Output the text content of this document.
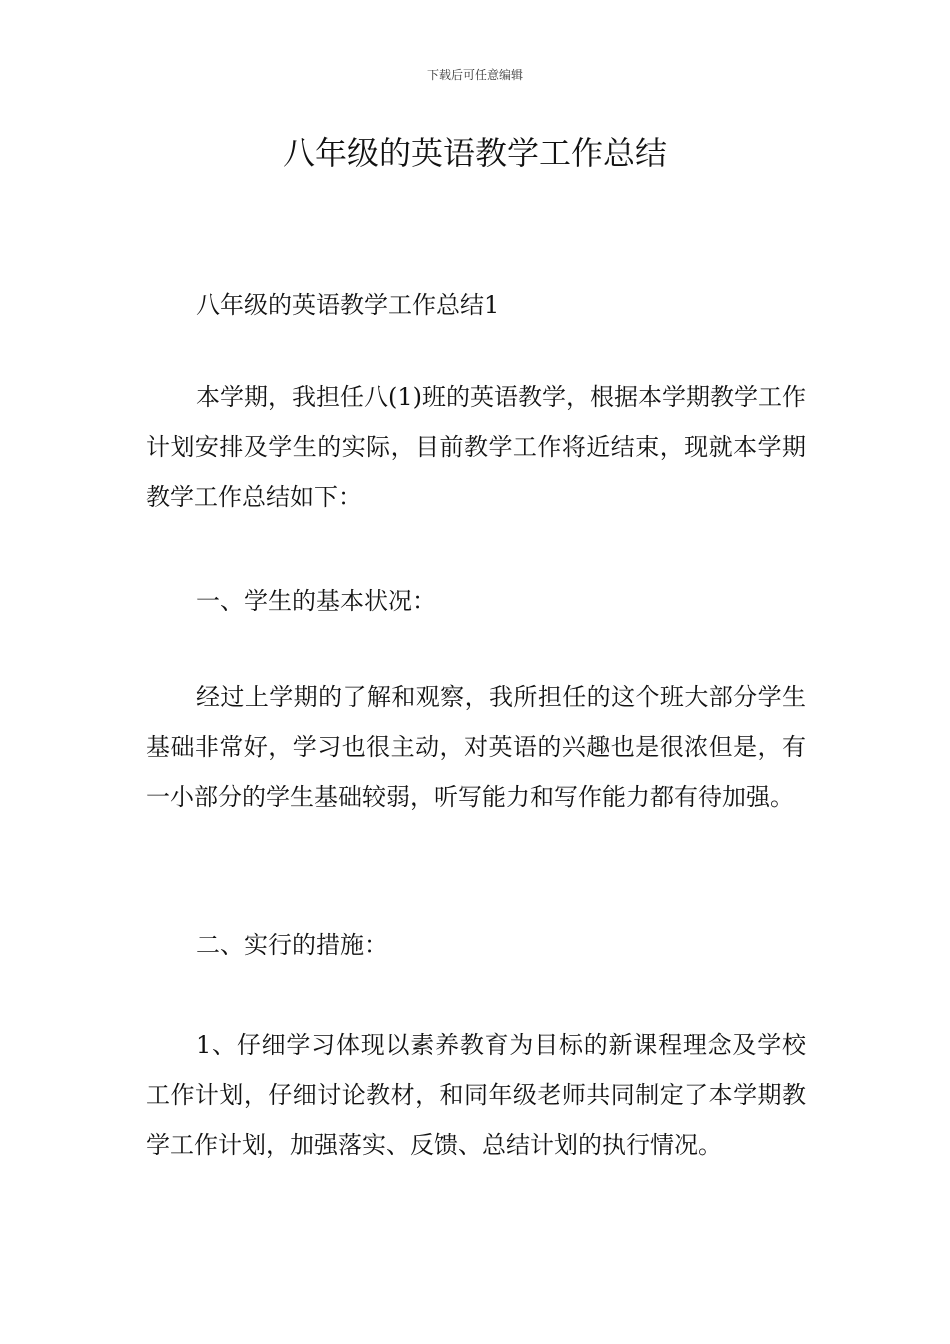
下载后可任意编辑
八年级的英语教学工作总结

八年级的英语教学工作总结1

本学期，我担任八(1)班的英语教学，根据本学期教学工作计划安排及学生的实际，目前教学工作将近结束，现就本学期教学工作总结如下：

一、学生的基本状况：

经过上学期的了解和观察，我所担任的这个班大部分学生基础非常好，学习也很主动，对英语的兴趣也是很浓但是，有一小部分的学生基础较弱，听写能力和写作能力都有待加强。

二、实行的措施：

1、仔细学习体现以素养教育为目标的新课程理念及学校工作计划，仔细讨论教材，和同年级老师共同制定了本学期教学工作计划，加强落实、反馈、总结计划的执行情况。
